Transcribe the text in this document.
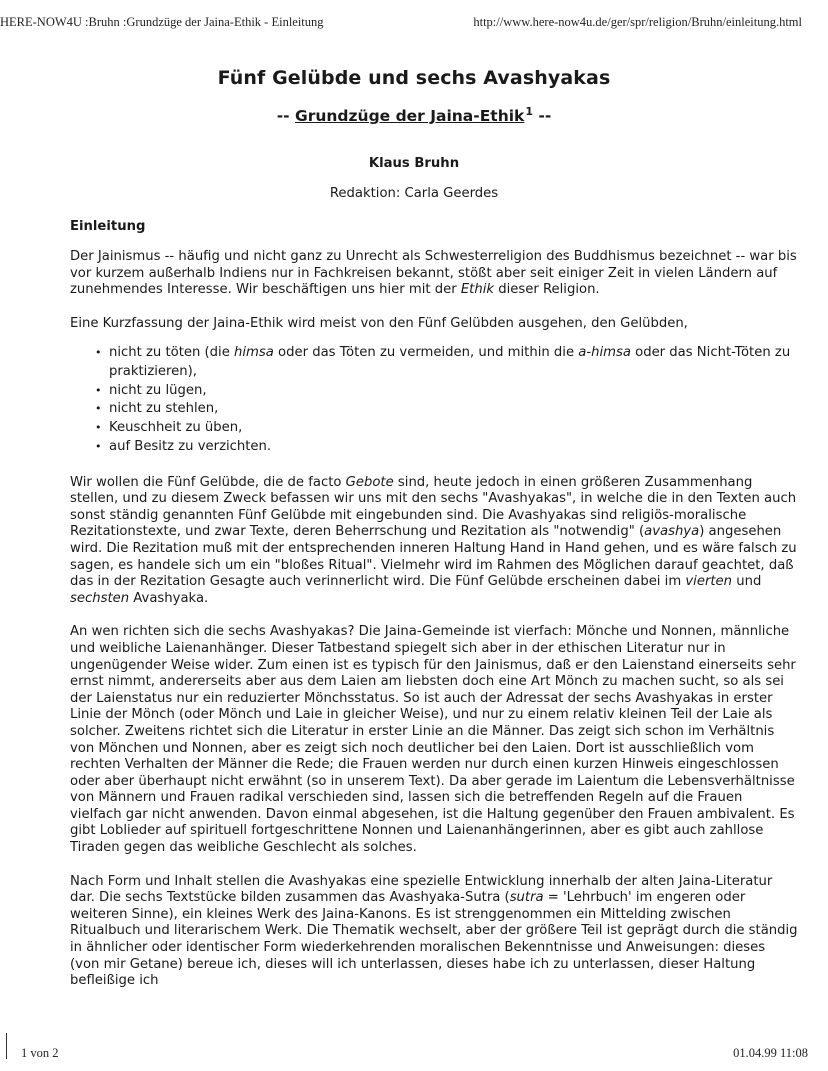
HERE-NOW4U :Bruhn :Grundzüge der Jaina-Ethik - Einleitung	http://www.here-now4u.de/ger/spr/religion/Bruhn/einleitung.html
Fünf Gelübde und sechs Avashyakas
-- Grundzüge der Jaina-Ethik$^1$ --
Klaus Bruhn
Redaktion: Carla Geerdes
Einleitung

Der Jainismus -- häufig und nicht ganz zu Unrecht als Schwesterreligion des Buddhismus bezeichnet -- war bis vor kurzem außerhalb Indiens nur in Fachkreisen bekannt, stößt aber seit einiger Zeit in vielen Ländern auf zunehmendes Interesse. Wir beschäftigen uns hier mit der Ethik dieser Religion.

Eine Kurzfassung der Jaina-Ethik wird meist von den Fünf Gelübden ausgehen, den Gelübden,

• nicht zu töten (die himsa oder das Töten zu vermeiden, und mithin die a-himsa oder das Nicht-Töten zu praktizieren),
• nicht zu lügen,
• nicht zu stehlen,
• Keuschheit zu üben,
• auf Besitz zu verzichten.

Wir wollen die Fünf Gelübde, die de facto Gebote sind, heute jedoch in einen größeren Zusammenhang stellen, und zu diesem Zweck befassen wir uns mit den sechs "Avashyakas", in welche die in den Texten auch sonst ständig genannten Fünf Gelübde mit eingebunden sind. Die Avashyakas sind religiös-moralische Rezitationstexte, und zwar Texte, deren Beherrschung und Rezitation als "notwendig" (avashya) angesehen wird. Die Rezitation muß mit der entsprechenden inneren Haltung Hand in Hand gehen, und es wäre falsch zu sagen, es handele sich um ein "bloßes Ritual". Vielmehr wird im Rahmen des Möglichen darauf geachtet, daß das in der Rezitation Gesagte auch verinnerlicht wird. Die Fünf Gelübde erscheinen dabei im vierten und sechsten Avashyaka.

An wen richten sich die sechs Avashyakas? Die Jaina-Gemeinde ist vierfach: Mönche und Nonnen, männliche und weibliche Laienanhänger. Dieser Tatbestand spiegelt sich aber in der ethischen Literatur nur in ungenügender Weise wider. Zum einen ist es typisch für den Jainismus, daß er den Laienstand einerseits sehr ernst nimmt, andererseits aber aus dem Laien am liebsten doch eine Art Mönch zu machen sucht, so als sei der Laienstatus nur ein reduzierter Mönchsstatus. So ist auch der Adressat der sechs Avashyakas in erster Linie der Mönch (oder Mönch und Laie in gleicher Weise), und nur zu einem relativ kleinen Teil der Laie als solcher. Zweitens richtet sich die Literatur in erster Linie an die Männer. Das zeigt sich schon im Verhältnis von Mönchen und Nonnen, aber es zeigt sich noch deutlicher bei den Laien. Dort ist ausschließlich vom rechten Verhalten der Männer die Rede; die Frauen werden nur durch einen kurzen Hinweis eingeschlossen oder aber überhaupt nicht erwähnt (so in unserem Text). Da aber gerade im Laientum die Lebensverhältnisse von Männern und Frauen radikal verschieden sind, lassen sich die betreffenden Regeln auf die Frauen vielfach gar nicht anwenden. Davon einmal abgesehen, ist die Haltung gegenüber den Frauen ambivalent. Es gibt Loblieder auf spirituell fortgeschrittene Nonnen und Laienanhängerinnen, aber es gibt auch zahllose Tiraden gegen das weibliche Geschlecht als solches.

Nach Form und Inhalt stellen die Avashyakas eine spezielle Entwicklung innerhalb der alten Jaina-Literatur dar. Die sechs Textstücke bilden zusammen das Avashyaka-Sutra (sutra = 'Lehrbuch' im engeren oder weiteren Sinne), ein kleines Werk des Jaina-Kanons. Es ist strenggenommen ein Mittelding zwischen Ritualbuch und literarischem Werk. Die Thematik wechselt, aber der größere Teil ist geprägt durch die ständig in ähnlicher oder identischer Form wiederkehrenden moralischen Bekenntnisse und Anweisungen: dieses (von mir Getane) bereue ich, dieses will ich unterlassen, dieses habe ich zu unterlassen, dieser Haltung befleißige ich

1 von 2	01.04.99 11:08
